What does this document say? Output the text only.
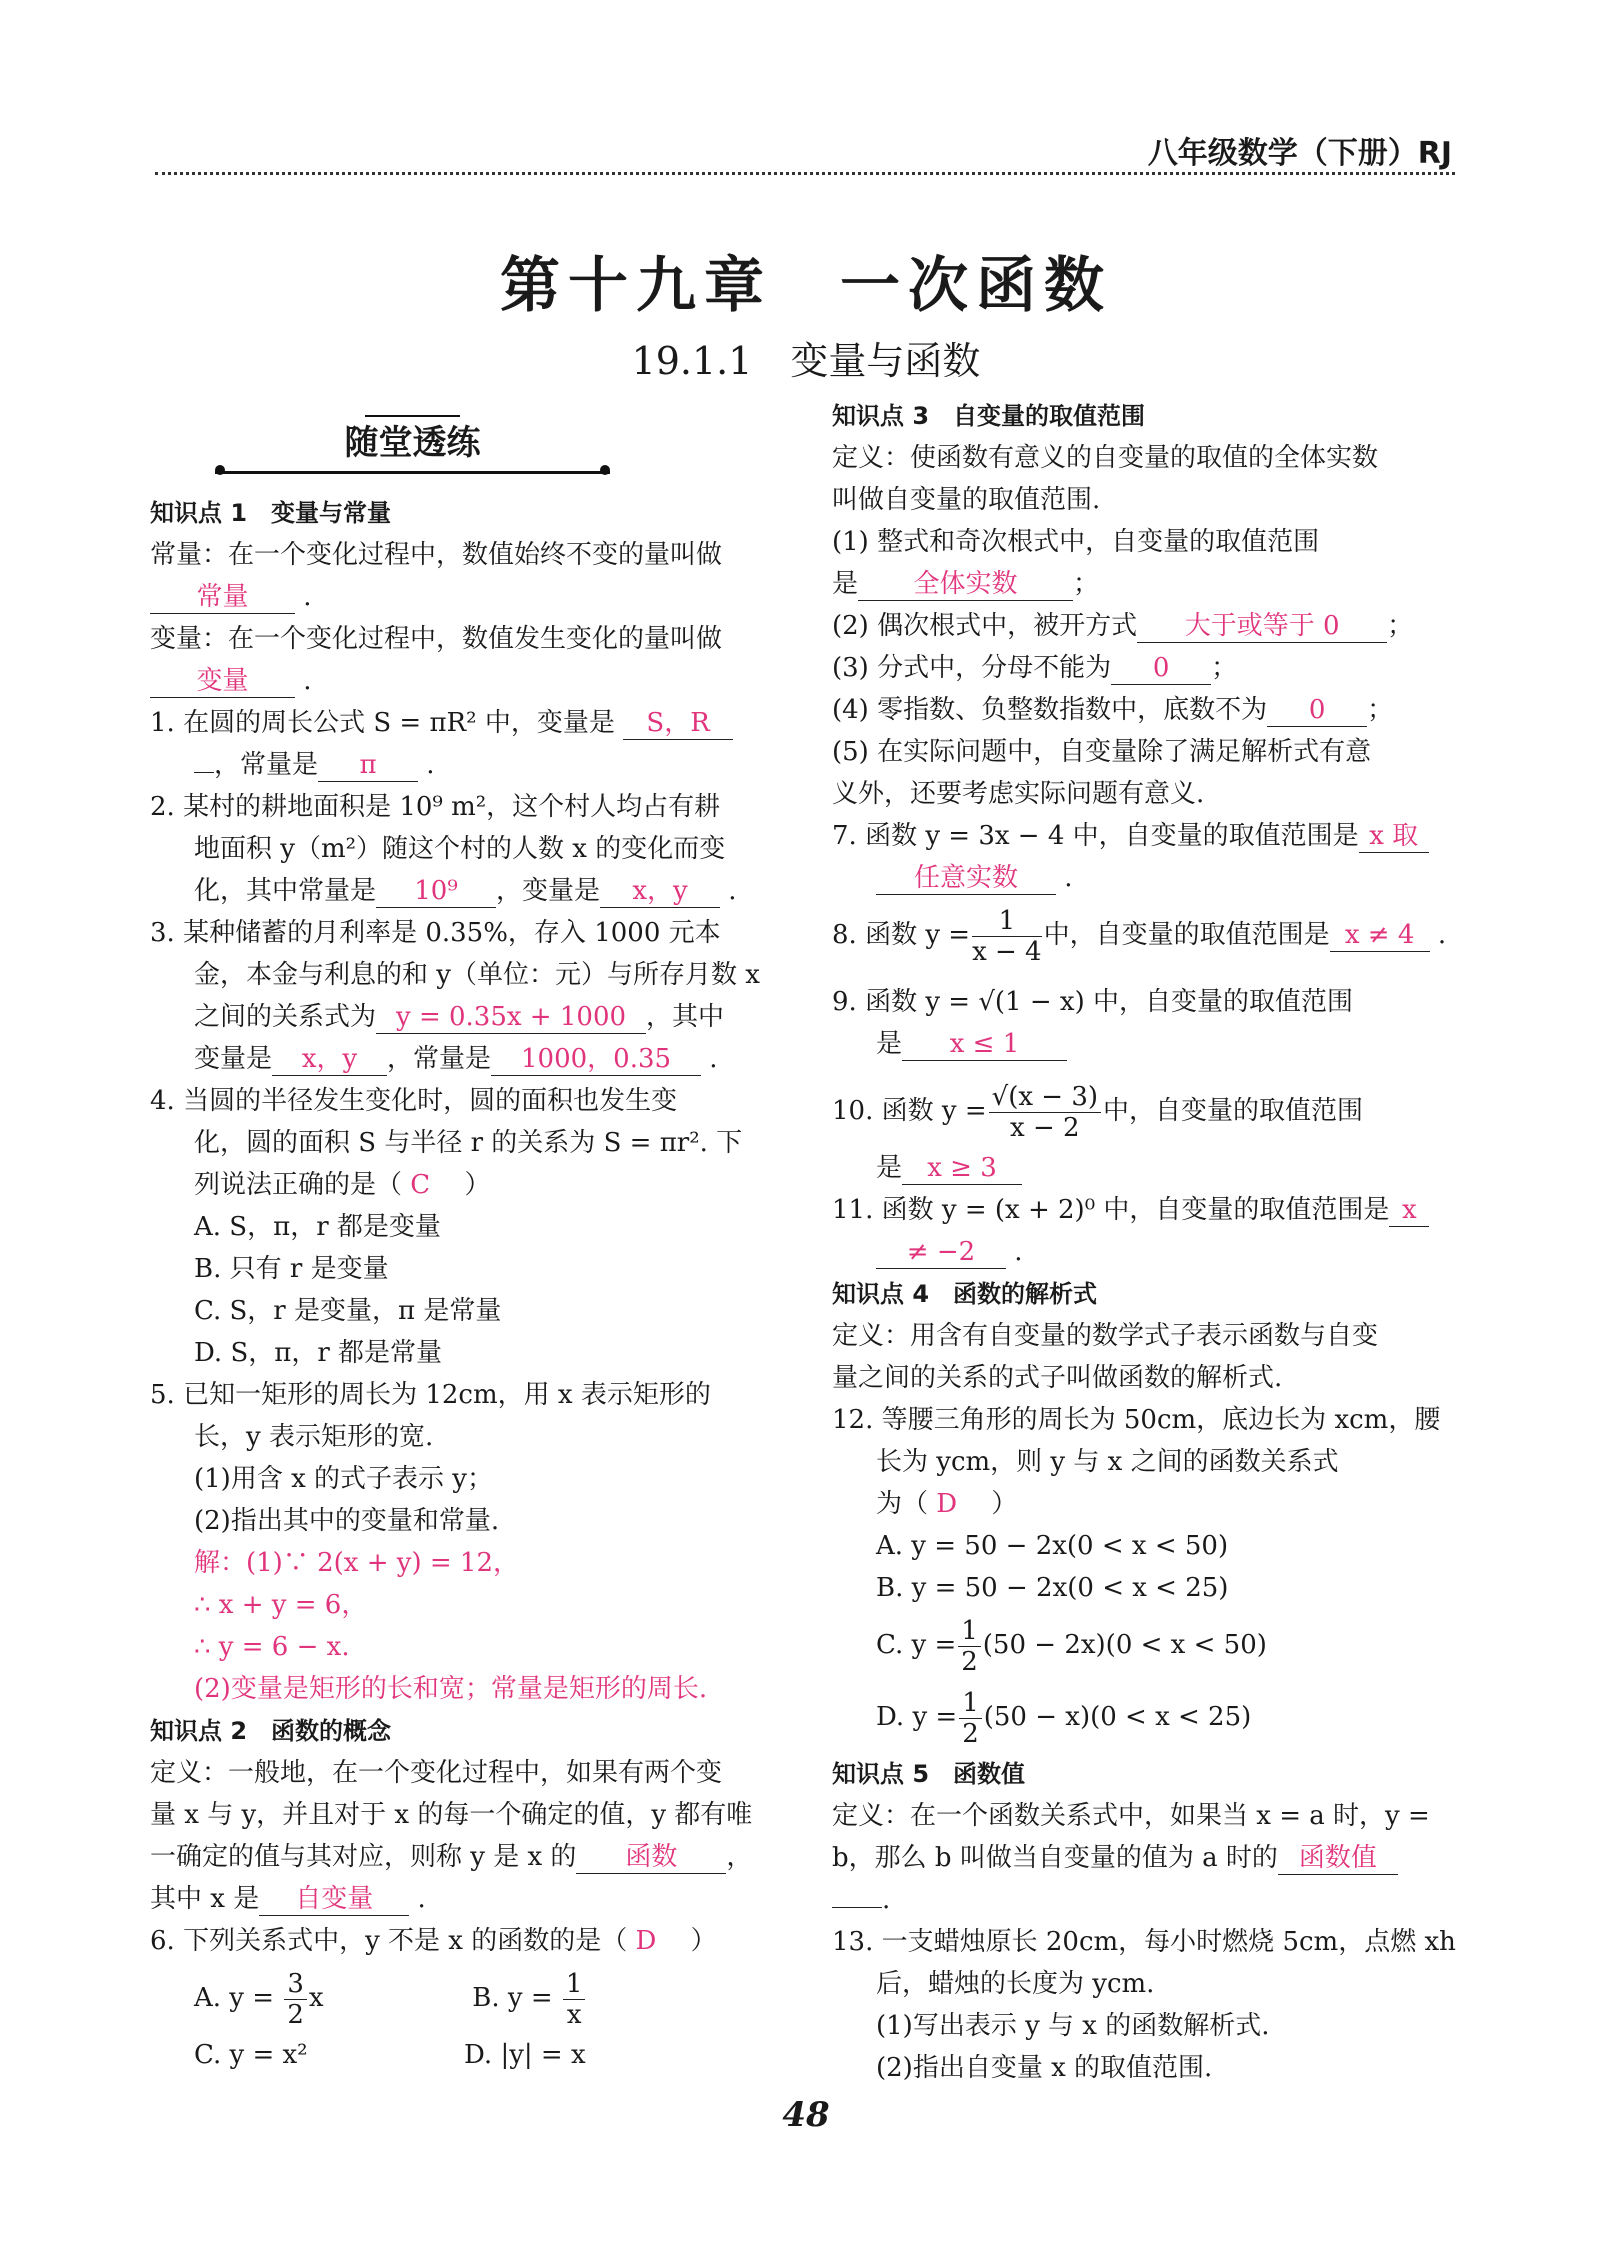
八年级数学（下册）RJ
第十九章　一次函数
19.1.1　变量与函数
随堂透练
知识点 1　变量与常量
常量：在一个变化过程中，数值始终不变的量叫做
常量 .
变量：在一个变化过程中，数值发生变化的量叫做
变量 .
1. 在圆的周长公式 S = πR² 中，变量是 S，R
，常量是 π .
2. 某村的耕地面积是 10⁹ m²，这个村人均占有耕
地面积 y（m²）随这个村的人数 x 的变化而变
化，其中常量是 10⁹ ，变量是 x，y .
3. 某种储蓄的月利率是 0.35%，存入 1000 元本
金，本金与利息的和 y（单位：元）与所存月数 x
之间的关系式为 y = 0.35x + 1000 ，其中
变量是 x，y ，常量是 1000，0.35 .
4. 当圆的半径发生变化时，圆的面积也发生变
化，圆的面积 S 与半径 r 的关系为 S = πr². 下
列说法正确的是（ C 　）
A. S，π，r 都是变量
B. 只有 r 是变量
C. S，r 是变量，π 是常量
D. S，π，r 都是常量
5. 已知一矩形的周长为 12cm，用 x 表示矩形的
长，y 表示矩形的宽.
(1)用含 x 的式子表示 y；
(2)指出其中的变量和常量.
解：(1)∵ 2(x + y) = 12，
∴ x + y = 6，
∴ y = 6 − x.
(2)变量是矩形的长和宽；常量是矩形的周长.
知识点 2　函数的概念
定义：一般地，在一个变化过程中，如果有两个变
量 x 与 y，并且对于 x 的每一个确定的值，y 都有唯
一确定的值与其对应，则称 y 是 x 的 函数 ，
其中 x 是 自变量 .
6. 下列关系式中，y 不是 x 的函数的是（ D 　）
A. $y = \frac{3}{2}$ x	B. $y = \frac{1}{x}$
C. y = x²	D. |y| = x
知识点 3　自变量的取值范围
定义：使函数有意义的自变量的取值的全体实数
叫做自变量的取值范围.
(1) 整式和奇次根式中，自变量的取值范围
是 全体实数 ；
(2) 偶次根式中，被开方式 大于或等于 0 ；
(3) 分式中，分母不能为 0 ；
(4) 零指数、负整数指数中，底数不为 0 ；
(5) 在实际问题中，自变量除了满足解析式有意
义外，还要考虑实际问题有意义.
7. 函数 y = 3x − 4 中，自变量的取值范围是 x 取
任意实数 .
8. 函数 $y = \frac{1}{x - 4}$ 中，自变量的取值范围是 x ≠ 4 .
9. 函数 y = √(1 − x) 中，自变量的取值范围
是 x ≤ 1
10. 函数 $y = \frac{√(x - 3)}{x - 2}$ 中，自变量的取值范围
是 x ≥ 3
11. 函数 y = (x + 2)⁰ 中，自变量的取值范围是 x
≠ −2 .
知识点 4　函数的解析式
定义：用含有自变量的数学式子表示函数与自变
量之间的关系的式子叫做函数的解析式.
12. 等腰三角形的周长为 50cm，底边长为 xcm，腰
长为 ycm，则 y 与 x 之间的函数关系式
为（ D 　）
A. y = 50 − 2x(0 < x < 50)
B. y = 50 − 2x(0 < x < 25)
C. $y = \frac{1}{2} (50 - 2x)(0 < x < 50)$
D. $y = \frac{1}{2} (50 - x)(0 < x < 25)$
知识点 5　函数值
定义：在一个函数关系式中，如果当 x = a 时，y =
b，那么 b 叫做当自变量的值为 a 时的 函数值
.
13. 一支蜡烛原长 20cm，每小时燃烧 5cm，点燃 xh
后，蜡烛的长度为 ycm.
(1)写出表示 y 与 x 的函数解析式.
(2)指出自变量 x 的取值范围.
48
